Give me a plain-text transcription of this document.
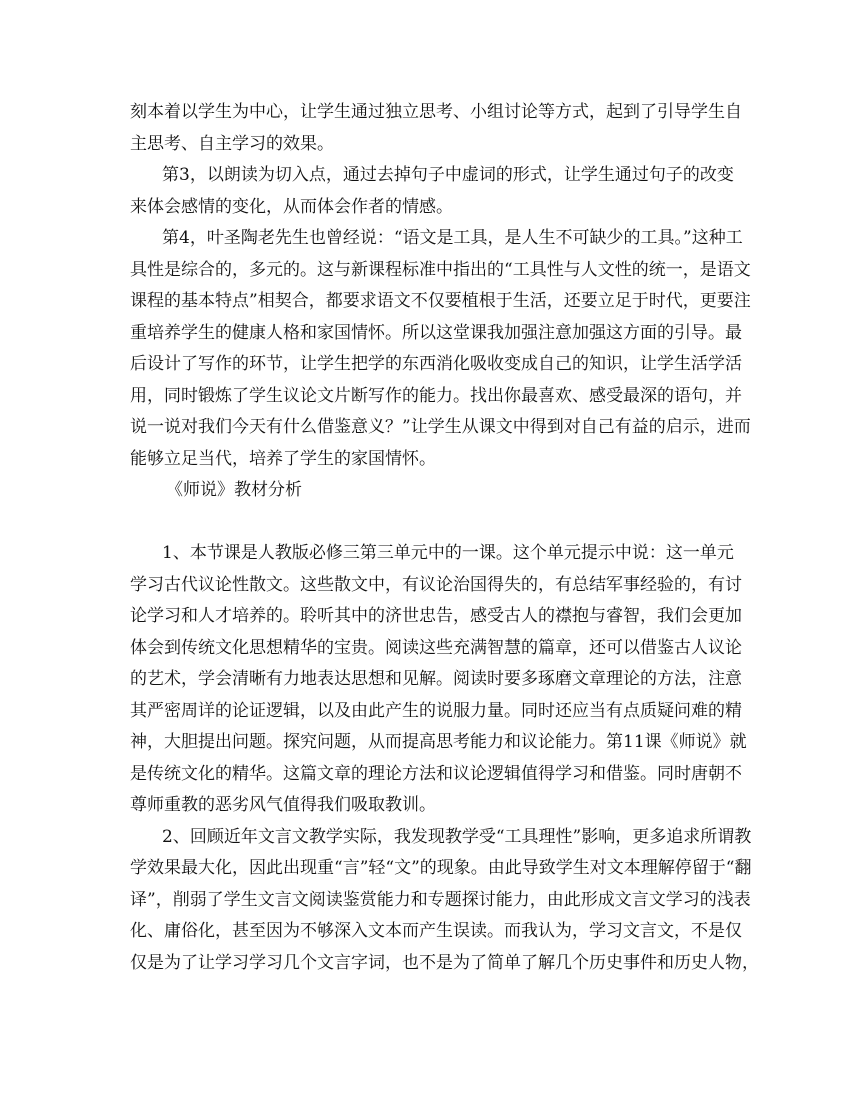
刻本着以学生为中心，让学生通过独立思考、小组讨论等方式，起到了引导学生自
主思考、自主学习的效果。
第3，以朗读为切入点，通过去掉句子中虚词的形式，让学生通过句子的改变
来体会感情的变化，从而体会作者的情感。
第4，叶圣陶老先生也曾经说：“语文是工具，是人生不可缺少的工具。”这种工
具性是综合的，多元的。这与新课程标准中指出的“工具性与人文性的统一，是语文
课程的基本特点”相契合，都要求语文不仅要植根于生活，还要立足于时代，更要注
重培养学生的健康人格和家国情怀。所以这堂课我加强注意加强这方面的引导。最
后设计了写作的环节，让学生把学的东西消化吸收变成自己的知识，让学生活学活
用，同时锻炼了学生议论文片断写作的能力。找出你最喜欢、感受最深的语句，并
说一说对我们今天有什么借鉴意义？”让学生从课文中得到对自己有益的启示，进而
能够立足当代，培养了学生的家国情怀。
《师说》教材分析
1、本节课是人教版必修三第三单元中的一课。这个单元提示中说：这一单元
学习古代议论性散文。这些散文中，有议论治国得失的，有总结军事经验的，有讨
论学习和人才培养的。聆听其中的济世忠告，感受古人的襟抱与睿智，我们会更加
体会到传统文化思想精华的宝贵。阅读这些充满智慧的篇章，还可以借鉴古人议论
的艺术，学会清晰有力地表达思想和见解。阅读时要多琢磨文章理论的方法，注意
其严密周详的论证逻辑，以及由此产生的说服力量。同时还应当有点质疑问难的精
神，大胆提出问题。探究问题，从而提高思考能力和议论能力。第11课《师说》就
是传统文化的精华。这篇文章的理论方法和议论逻辑值得学习和借鉴。同时唐朝不
尊师重教的恶劣风气值得我们吸取教训。
2、回顾近年文言文教学实际，我发现教学受“工具理性”影响，更多追求所谓教
学效果最大化，因此出现重“言”轻“文”的现象。由此导致学生对文本理解停留于“翻
译”，削弱了学生文言文阅读鉴赏能力和专题探讨能力，由此形成文言文学习的浅表
化、庸俗化，甚至因为不够深入文本而产生误读。而我认为，学习文言文，不是仅
仅是为了让学习学习几个文言字词，也不是为了简单了解几个历史事件和历史人物，
